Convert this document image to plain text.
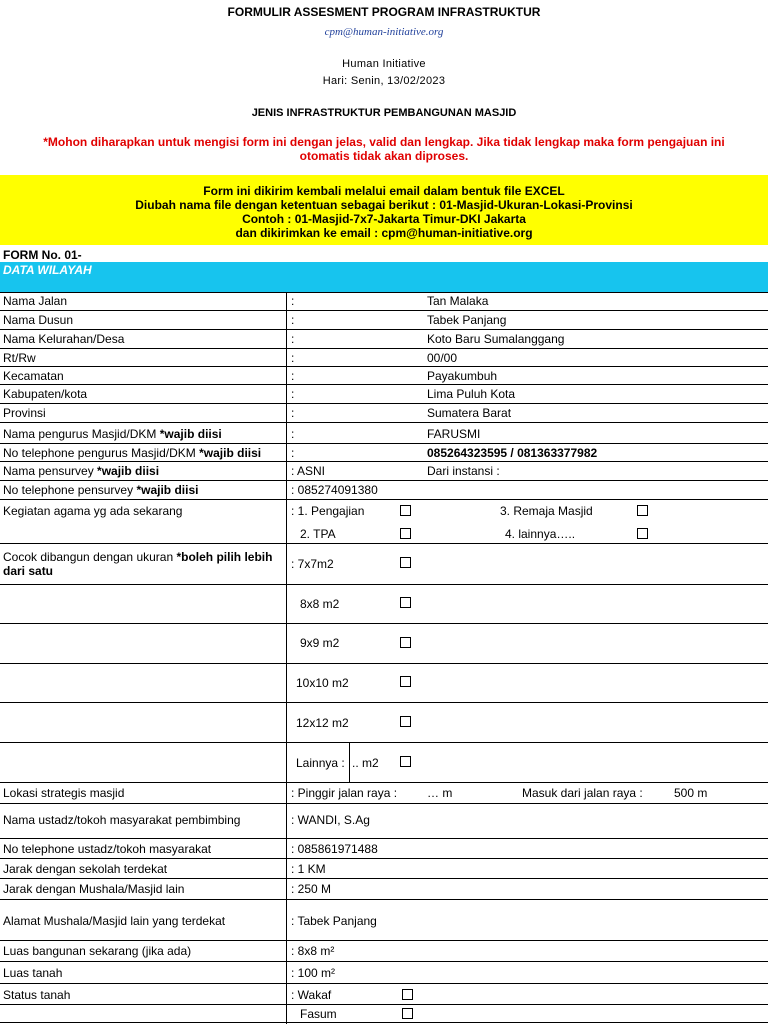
FORMULIR ASSESMENT PROGRAM INFRASTRUKTUR
cpm@human-initiative.org
Human Initiative
Hari: Senin, 13/02/2023
JENIS INFRASTRUKTUR PEMBANGUNAN MASJID
*Mohon diharapkan untuk mengisi form ini dengan jelas, valid dan lengkap. Jika tidak lengkap maka form pengajuan ini otomatis tidak akan diproses.
Form ini dikirim kembali melalui email dalam bentuk file EXCEL
Diubah nama file dengan ketentuan sebagai berikut : 01-Masjid-Ukuran-Lokasi-Provinsi
Contoh : 01-Masjid-7x7-Jakarta Timur-DKI Jakarta
dan dikirimkan ke email : cpm@human-initiative.org
FORM No. 01-
DATA WILAYAH
Nama Jalan	:	Tan Malaka
Nama Dusun	:	Tabek Panjang
Nama Kelurahan/Desa	:	Koto Baru Sumalanggang
Rt/Rw	:	00/00
Kecamatan	:	Payakumbuh
Kabupaten/kota	:	Lima Puluh Kota
Provinsi	:	Sumatera Barat
Nama pengurus Masjid/DKM *wajib diisi	:	FARUSMI
No telephone pengurus Masjid/DKM *wajib diisi :	085264323595 / 081363377982
Nama pensurvey *wajib diisi	: ASNI	Dari instansi :
No telephone pensurvey *wajib diisi	: 085274091380
Kegiatan agama yg ada sekarang	: 1. Pengajian	3. Remaja Masjid
2. TPA	4. lainnya…..
Cocok dibangun dengan ukuran *boleh pilih lebih
dari satu	: 7x7m2
8x8 m2
9x9 m2
10x10 m2
12x12 m2
Lainnya : .. m2
Lokasi strategis masjid	: Pinggir jalan raya : … m	Masuk dari jalan raya :	500 m
Nama ustadz/tokoh masyarakat pembimbing	: WANDI, S.Ag
No telephone ustadz/tokoh masyarakat	: 085861971488
Jarak dengan sekolah terdekat	: 1 KM
Jarak dengan Mushala/Masjid lain	: 250 M
Alamat Mushala/Masjid lain yang terdekat	: Tabek Panjang
Luas bangunan sekarang (jika ada)	: 8x8 m²
Luas tanah	: 100 m²
Status tanah	: Wakaf
Fasum
